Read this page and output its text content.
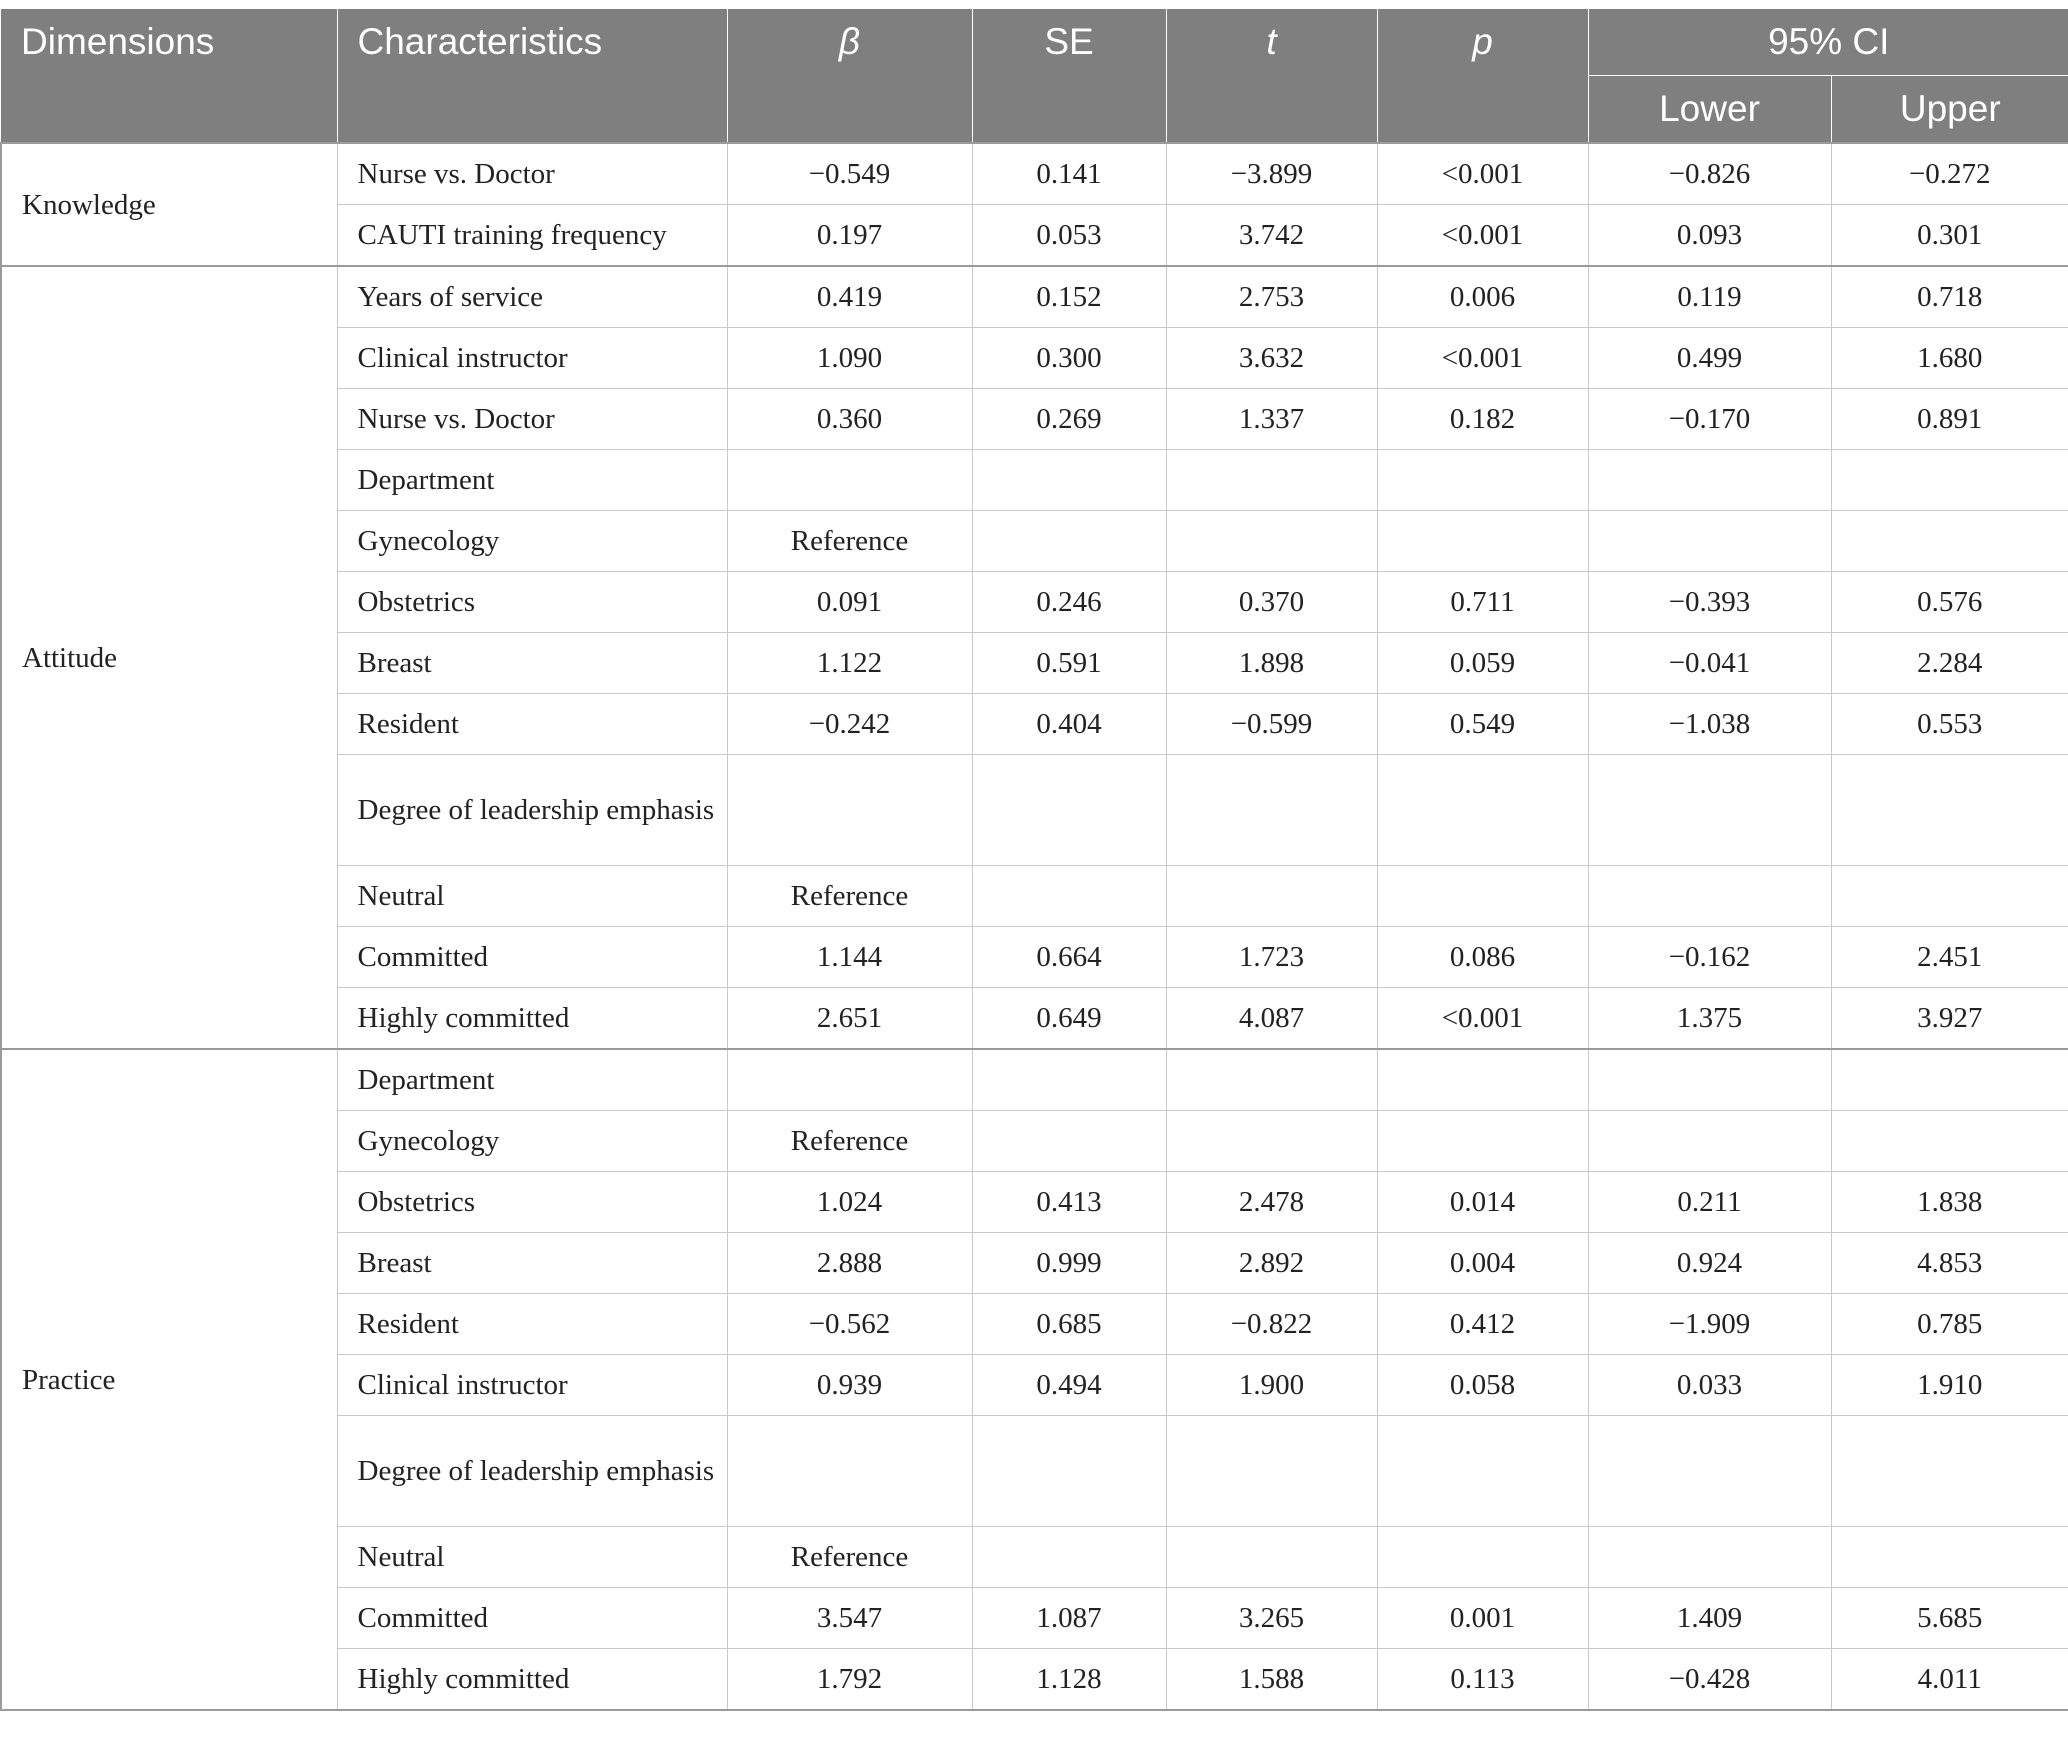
Dimensions	Characteristics	β	SE	t	p	95% CI	
						Lower	Upper
Knowledge	Nurse vs. Doctor	−0.549	0.141	−3.899	<0.001	−0.826	−0.272
	CAUTI training frequency	0.197	0.053	3.742	<0.001	0.093	0.301
Attitude	Years of service	0.419	0.152	2.753	0.006	0.119	0.718
	Clinical instructor	1.090	0.300	3.632	<0.001	0.499	1.680
	Nurse vs. Doctor	0.360	0.269	1.337	0.182	−0.170	0.891
	Department						
	Gynecology	Reference					
	Obstetrics	0.091	0.246	0.370	0.711	−0.393	0.576
	Breast	1.122	0.591	1.898	0.059	−0.041	2.284
	Resident	−0.242	0.404	−0.599	0.549	−1.038	0.553
	Degree of leadership emphasis						
	Neutral	Reference					
	Committed	1.144	0.664	1.723	0.086	−0.162	2.451
	Highly committed	2.651	0.649	4.087	<0.001	1.375	3.927
Practice	Department						
	Gynecology	Reference					
	Obstetrics	1.024	0.413	2.478	0.014	0.211	1.838
	Breast	2.888	0.999	2.892	0.004	0.924	4.853
	Resident	−0.562	0.685	−0.822	0.412	−1.909	0.785
	Clinical instructor	0.939	0.494	1.900	0.058	0.033	1.910
	Degree of leadership emphasis						
	Neutral	Reference					
	Committed	3.547	1.087	3.265	0.001	1.409	5.685
	Highly committed	1.792	1.128	1.588	0.113	−0.428	4.011
